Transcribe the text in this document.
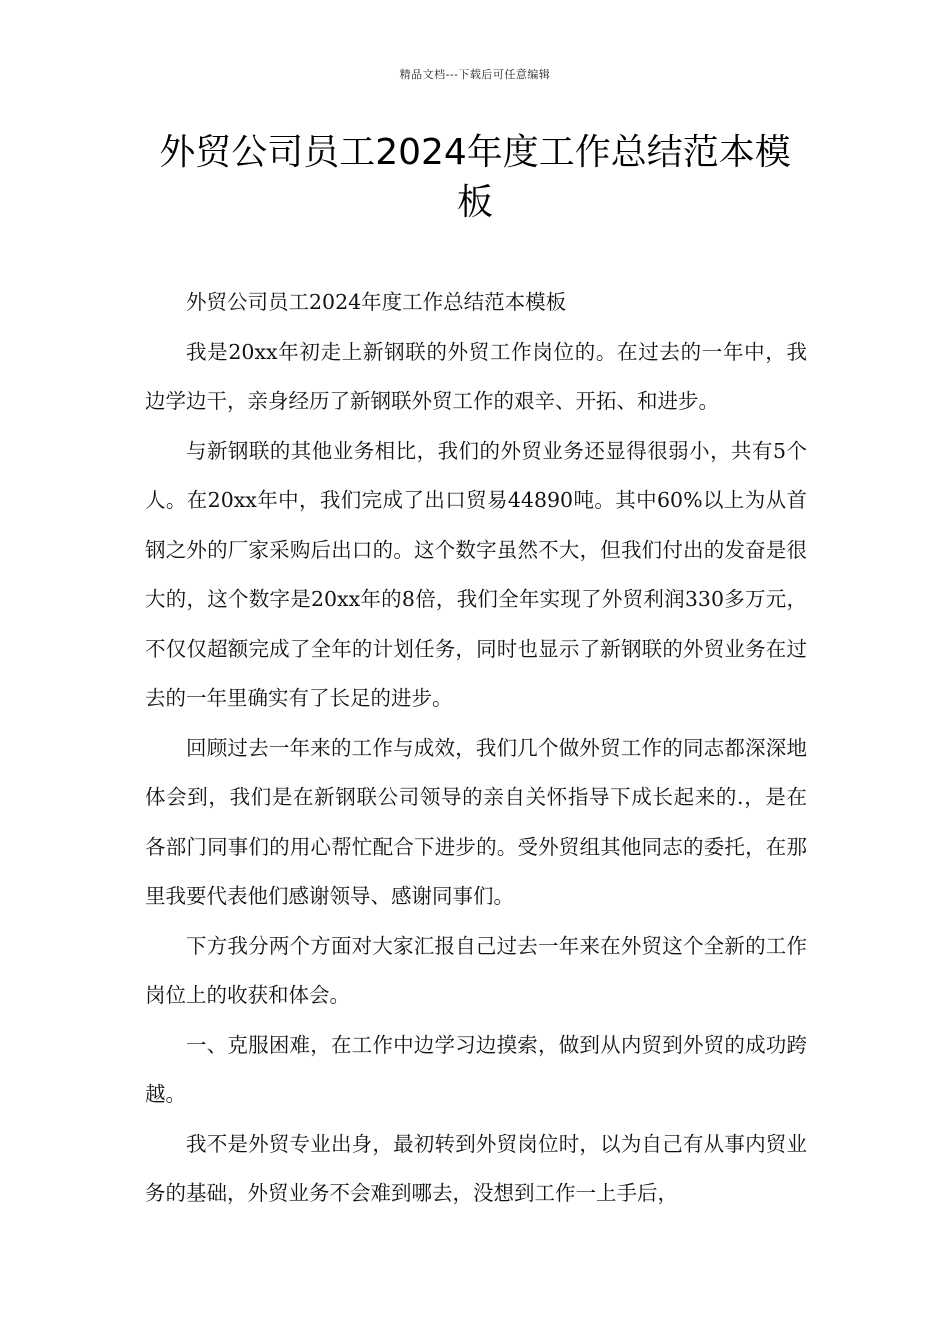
精品文档---下载后可任意编辑
外贸公司员工2024年度工作总结范本模板

外贸公司员工2024年度工作总结范本模板

我是20xx年初走上新钢联的外贸工作岗位的。在过去的一年中，我边学边干，亲身经历了新钢联外贸工作的艰辛、开拓、和进步。

与新钢联的其他业务相比，我们的外贸业务还显得很弱小，共有5个人。在20xx年中，我们完成了出口贸易44890吨。其中60%以上为从首钢之外的厂家采购后出口的。这个数字虽然不大，但我们付出的发奋是很大的，这个数字是20xx年的8倍，我们全年实现了外贸利润330多万元，不仅仅超额完成了全年的计划任务，同时也显示了新钢联的外贸业务在过去的一年里确实有了长足的进步。

回顾过去一年来的工作与成效，我们几个做外贸工作的同志都深深地体会到，我们是在新钢联公司领导的亲自关怀指导下成长起来的.，是在各部门同事们的用心帮忙配合下进步的。受外贸组其他同志的委托，在那里我要代表他们感谢领导、感谢同事们。

下方我分两个方面对大家汇报自己过去一年来在外贸这个全新的工作岗位上的收获和体会。

一、克服困难，在工作中边学习边摸索，做到从内贸到外贸的成功跨越。

我不是外贸专业出身，最初转到外贸岗位时，以为自己有从事内贸业务的基础，外贸业务不会难到哪去，没想到工作一上手后，
